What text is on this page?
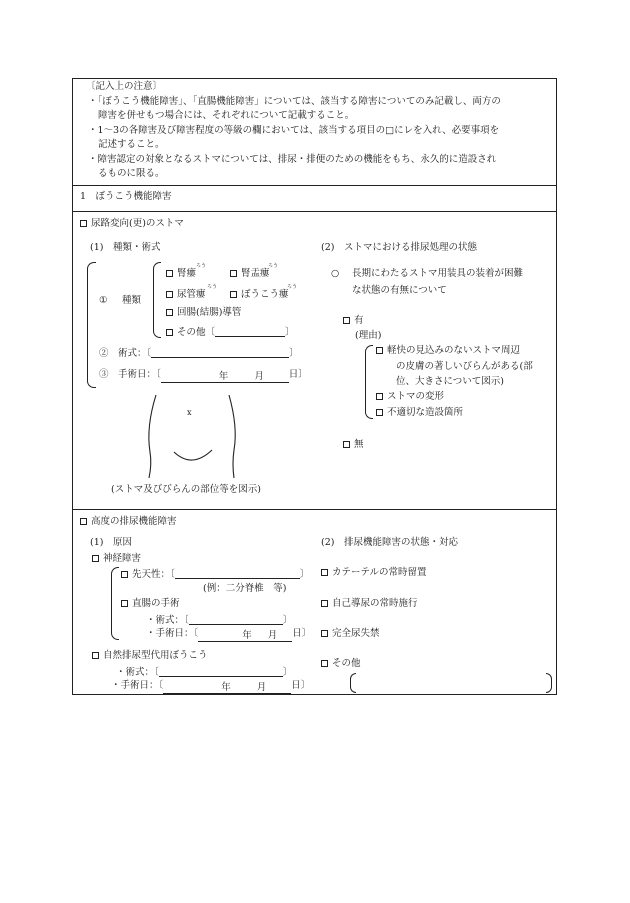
〔記入上の注意〕
・「ぼうこう機能障害」、「直腸機能障害」については、該当する障害についてのみ記載し、両方の
障害を併せもつ場合には、それぞれについて記載すること。
・1～3の各障害及び障害程度の等級の欄においては、該当する項目の□にレを入れ、必要事項を
記述すること。
・障害認定の対象となるストマについては、排尿・排便のための機能をもち、永久的に造設され
るものに限る。
1　ぼうこう機能障害
尿路変向(更)のストマ
(1)　種類・術式
① 種類
ろう	ろう
ろう	ろう
腎瘻	腎盂瘻
尿管瘻	ぼうこう瘻
回腸(結腸)導管
その他〔	〕
②　 術式：〔	〕
③　 手術日：〔	年	月	日〕
x
(ストマ及びびらんの部位等を図示)
(2)　ストマにおける排尿処理の状態
○ 長期にわたるストマ用装具の装着が困難
な状態の有無について
有
(理由)
軽快の見込みのないストマ周辺
の皮膚の著しいびらんがある(部
位、大きさについて図示)
ストマの変形
不適切な造設箇所
無
高度の排尿機能障害
(1)　原因
神経障害
先天性：〔	〕
(例：二分脊椎　等)
直腸の手術
・術式：〔	〕
・手術日：〔	年 月 日〕
自然排尿型代用ぼうこう
・術式：〔	〕
・手術日：〔	年	月	日〕
(2)　排尿機能障害の状態・対応
カテーテルの常時留置
自己導尿の常時施行
完全尿失禁
その他
